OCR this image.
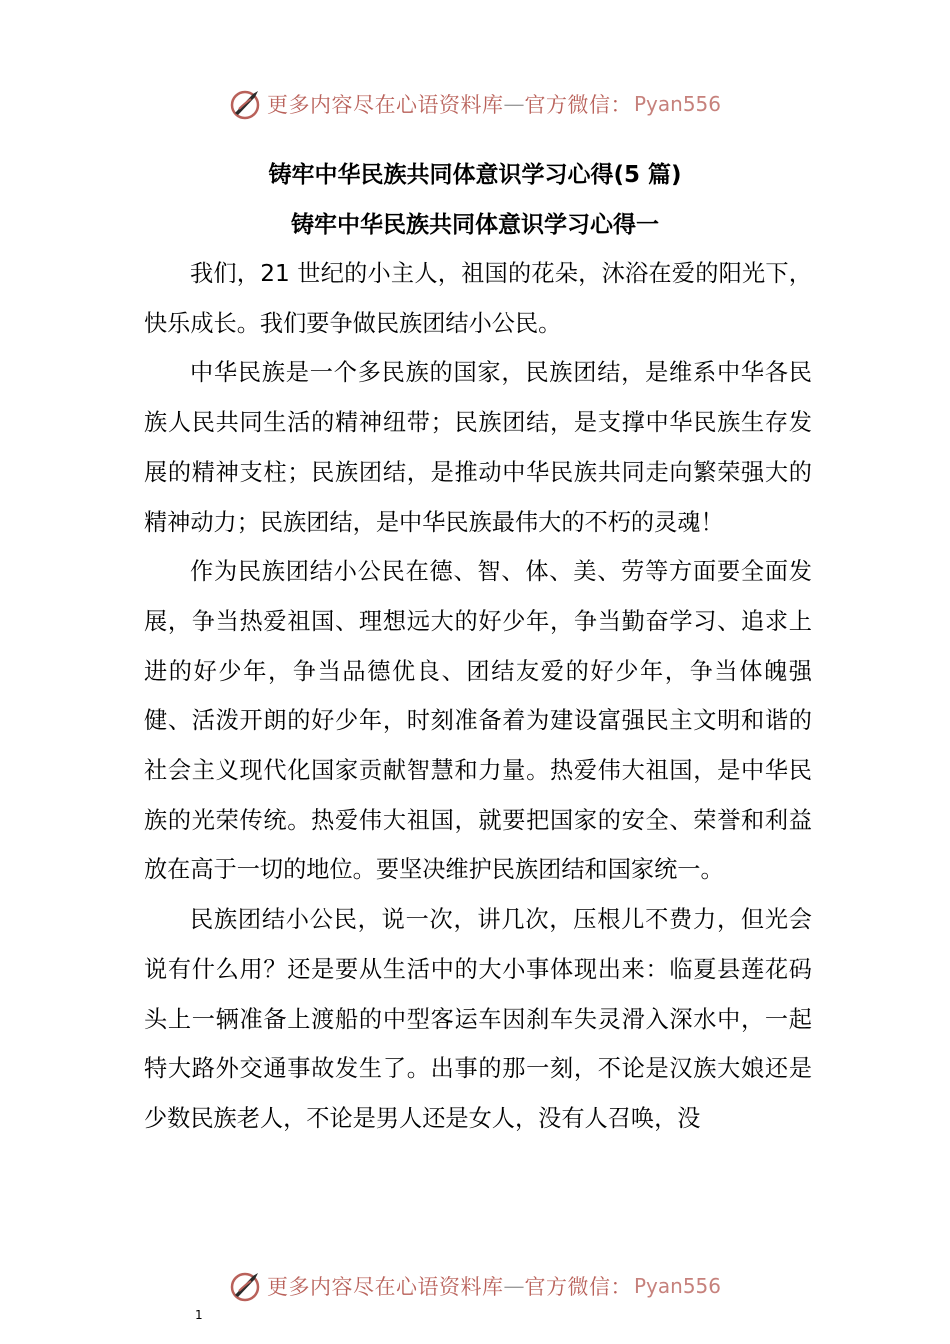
更多内容尽在心语资料库 — 官方微信： Pyan556
铸牢中华民族共同体意识学习心得(5 篇)
铸牢中华民族共同体意识学习心得一

我们，21 世纪的小主人，祖国的花朵，沐浴在爱的阳光下，快乐成长。我们要争做民族团结小公民。

中华民族是一个多民族的国家，民族团结，是维系中华各民族人民共同生活的精神纽带；民族团结，是支撑中华民族生存发展的精神支柱；民族团结，是推动中华民族共同走向繁荣强大的精神动力；民族团结，是中华民族最伟大的不朽的灵魂！

作为民族团结小公民在德、智、体、美、劳等方面要全面发展，争当热爱祖国、理想远大的好少年，争当勤奋学习、追求上进的好少年，争当品德优良、团结友爱的好少年，争当体魄强健、活泼开朗的好少年，时刻准备着为建设富强民主文明和谐的社会主义现代化国家贡献智慧和力量。热爱伟大祖国，是中华民族的光荣传统。热爱伟大祖国，就要把国家的安全、荣誉和利益放在高于一切的地位。要坚决维护民族团结和国家统一。

民族团结小公民，说一次，讲几次，压根儿不费力，但光会说有什么用？还是要从生活中的大小事体现出来：临夏县莲花码头上一辆准备上渡船的中型客运车因刹车失灵滑入深水中，一起特大路外交通事故发生了。出事的那一刻，不论是汉族大娘还是少数民族老人，不论是男人还是女人，没有人召唤，没

更多内容尽在心语资料库 — 官方微信： Pyan556
1
